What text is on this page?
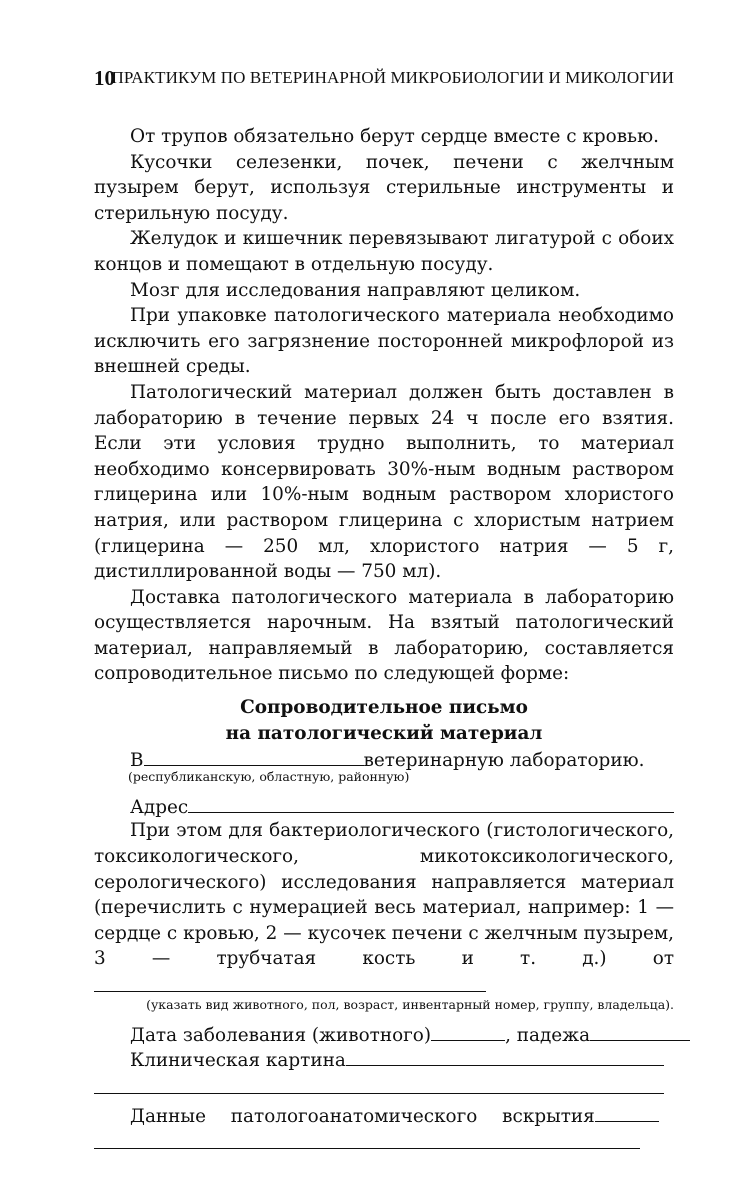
10
ПРАКТИКУМ ПО ВЕТЕРИНАРНОЙ МИКРОБИОЛОГИИ И МИКОЛОГИИ

От трупов обязательно берут сердце вместе с кровью.

Кусочки селезенки, почек, печени с желчным пузырем берут, используя стерильные инструменты и стерильную посуду.

Желудок и кишечник перевязывают лигатурой с обоих концов и помещают в отдельную посуду.

Мозг для исследования направляют целиком.

При упаковке патологического материала необходимо исключить его загрязнение посторонней микрофлорой из внешней среды.

Патологический материал должен быть доставлен в лабораторию в течение первых 24 ч после его взятия. Если эти условия трудно выполнить, то материал необходимо консервировать 30%-ным водным раствором глицерина или 10%-ным водным раствором хлористого натрия, или раствором глицерина с хлористым натрием (глицерина — 250 мл, хлористого натрия — 5 г, дистиллированной воды — 750 мл).

Доставка патологического материала в лабораторию осуществляется нарочным. На взятый патологический материал, направляемый в лабораторию, составляется сопроводительное письмо по следующей форме:

Сопроводительное письмо
на патологический материал
В	ветеринарную лабораторию.
(республиканскую, областную, районную)
Адрес

При этом для бактериологического (гистологического, токсикологического, микотоксикологического, серологического) исследования направляется материал (перечислить с нумерацией весь материал, например: 1 — сердце с кровью, 2 — кусочек печени с желчным пузырем, 3 — трубчатая кость и т. д.) от

(указать вид животного, пол, возраст, инвентарный номер, группу, владельца).
Дата заболевания (животного)	, падежа
Клиническая картина
Данные патологоанатомического вскрытия
